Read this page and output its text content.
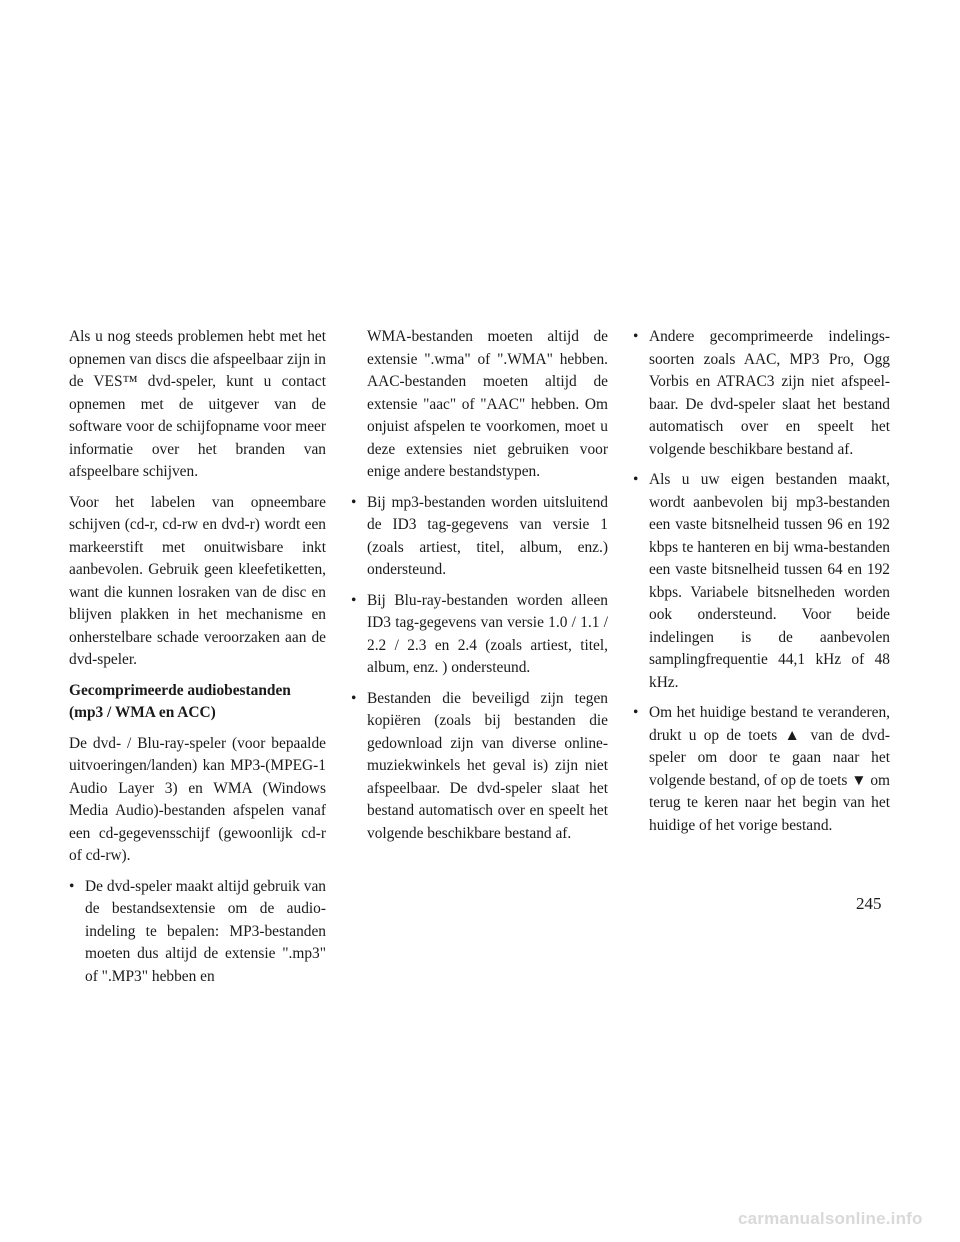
Als u nog steeds problemen hebt met het opnemen van discs die afspeelbaar zijn in de VES™ dvd-speler, kunt u contact opnemen met de uitgever van de software voor de schijfopname voor meer informatie over het branden van afspeelbare schijven.

Voor het labelen van opneembare schijven (cd-r, cd-rw en dvd-r) wordt een markeerstift met onuitwisbare inkt aanbevolen. Gebruik geen kleefetiketten, want die kunnen losraken van de disc en blijven plakken in het mechanisme en onherstelbare schade veroorzaken aan de dvd-speler.

Gecomprimeerde audiobestanden (mp3 / WMA en ACC)

De dvd- / Blu-ray-speler (voor bepaalde uitvoeringen/landen) kan MP3-(MPEG-1 Audio Layer 3) en WMA (Windows Media Audio)-bestanden afspelen vanaf een cd-gegevensschijf (gewoonlijk cd-r of cd-rw).

• De dvd-speler maakt altijd gebruik van de bestandsextensie om de audio-indeling te bepalen: MP3-bestanden moeten dus altijd de extensie ".mp3" of ".MP3" hebben en
WMA-bestanden moeten altijd de extensie ".wma" of ".WMA" hebben. AAC-bestanden moeten altijd de extensie "aac" of "AAC" hebben. Om onjuist afspelen te voorkomen, moet u deze extensies niet gebruiken voor enige andere bestandstypen.
• Bij mp3-bestanden worden uitsluitend de ID3 tag-gegevens van versie 1 (zoals artiest, titel, album, enz.) ondersteund.
• Bij Blu-ray-bestanden worden alleen ID3 tag-gegevens van versie 1.0 / 1.1 / 2.2 / 2.3 en 2.4 (zoals artiest, titel, album, enz. ) ondersteund.
• Bestanden die beveiligd zijn tegen kopiëren (zoals bij bestanden die gedownload zijn van diverse online-muziekwinkels het geval is) zijn niet afspeelbaar. De dvd-speler slaat het bestand automatisch over en speelt het volgende beschikbare bestand af.
• Andere gecomprimeerde indelingssoorten zoals AAC, MP3 Pro, Ogg Vorbis en ATRAC3 zijn niet afspeelbaar. De dvd-speler slaat het bestand automatisch over en speelt het volgende beschikbare bestand af.
• Als u uw eigen bestanden maakt, wordt aanbevolen bij mp3-bestanden een vaste bitsnelheid tussen 96 en 192 kbps te hanteren en bij wma-bestanden een vaste bitsnelheid tussen 64 en 192 kbps. Variabele bitsnelheden worden ook ondersteund. Voor beide indelingen is de aanbevolen samplingfrequentie 44,1 kHz of 48 kHz.
• Om het huidige bestand te veranderen, drukt u op de toets ▲ van de dvd-speler om door te gaan naar het volgende bestand, of op de toets ▼ om terug te keren naar het begin van het huidige of het vorige bestand.
245
carmanualsonline.info
